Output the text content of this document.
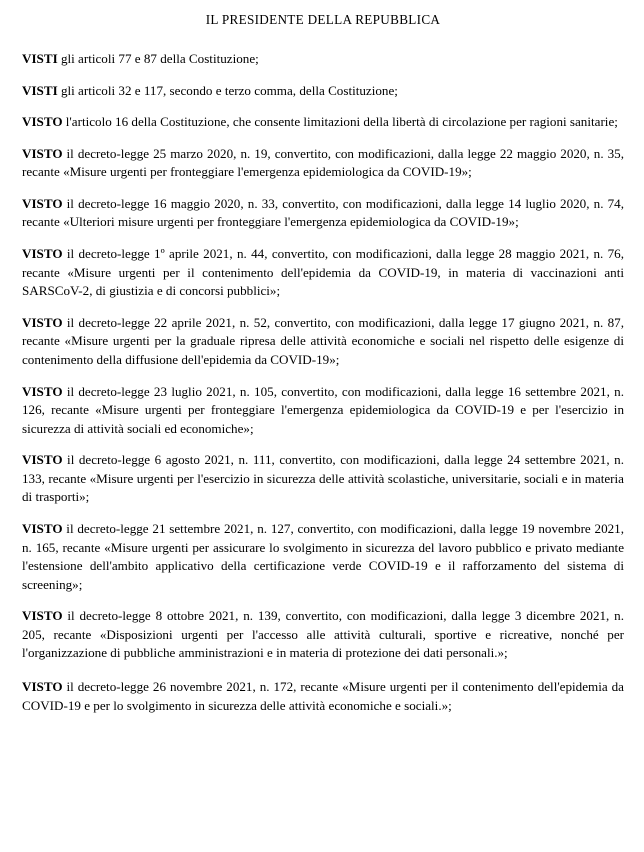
IL PRESIDENTE DELLA REPUBBLICA

VISTI gli articoli 77 e 87 della Costituzione;

VISTI gli articoli 32 e 117, secondo e terzo comma, della Costituzione;

VISTO l'articolo 16 della Costituzione, che consente limitazioni della libertà di circolazione per ragioni sanitarie;

VISTO il decreto-legge 25 marzo 2020, n. 19, convertito, con modificazioni, dalla legge 22 maggio 2020, n. 35, recante «Misure urgenti per fronteggiare l'emergenza epidemiologica da COVID-19»;

VISTO il decreto-legge 16 maggio 2020, n. 33, convertito, con modificazioni, dalla legge 14 luglio 2020, n. 74, recante «Ulteriori misure urgenti per fronteggiare l'emergenza epidemiologica da COVID-19»;

VISTO il decreto-legge 1º aprile 2021, n. 44, convertito, con modificazioni, dalla legge 28 maggio 2021, n. 76, recante «Misure urgenti per il contenimento dell'epidemia da COVID-19, in materia di vaccinazioni anti SARSCoV-2, di giustizia e di concorsi pubblici»;

VISTO il decreto-legge 22 aprile 2021, n. 52, convertito, con modificazioni, dalla legge 17 giugno 2021, n. 87, recante «Misure urgenti per la graduale ripresa delle attività economiche e sociali nel rispetto delle esigenze di contenimento della diffusione dell'epidemia da COVID-19»;

VISTO il decreto-legge 23 luglio 2021, n. 105, convertito, con modificazioni, dalla legge 16 settembre 2021, n. 126, recante «Misure urgenti per fronteggiare l'emergenza epidemiologica da COVID-19 e per l'esercizio in sicurezza di attività sociali ed economiche»;

VISTO il decreto-legge 6 agosto 2021, n. 111, convertito, con modificazioni, dalla legge 24 settembre 2021, n. 133, recante «Misure urgenti per l'esercizio in sicurezza delle attività scolastiche, universitarie, sociali e in materia di trasporti»;

VISTO il decreto-legge 21 settembre 2021, n. 127, convertito, con modificazioni, dalla legge 19 novembre 2021, n. 165, recante «Misure urgenti per assicurare lo svolgimento in sicurezza del lavoro pubblico e privato mediante l'estensione dell'ambito applicativo della certificazione verde COVID-19 e il rafforzamento del sistema di screening»;

VISTO il decreto-legge 8 ottobre 2021, n. 139, convertito, con modificazioni, dalla legge 3 dicembre 2021, n. 205, recante «Disposizioni urgenti per l'accesso alle attività culturali, sportive e ricreative, nonché per l'organizzazione di pubbliche amministrazioni e in materia di protezione dei dati personali.»;

VISTO il decreto-legge 26 novembre 2021, n. 172, recante «Misure urgenti per il contenimento dell'epidemia da COVID-19 e per lo svolgimento in sicurezza delle attività economiche e sociali.»;
